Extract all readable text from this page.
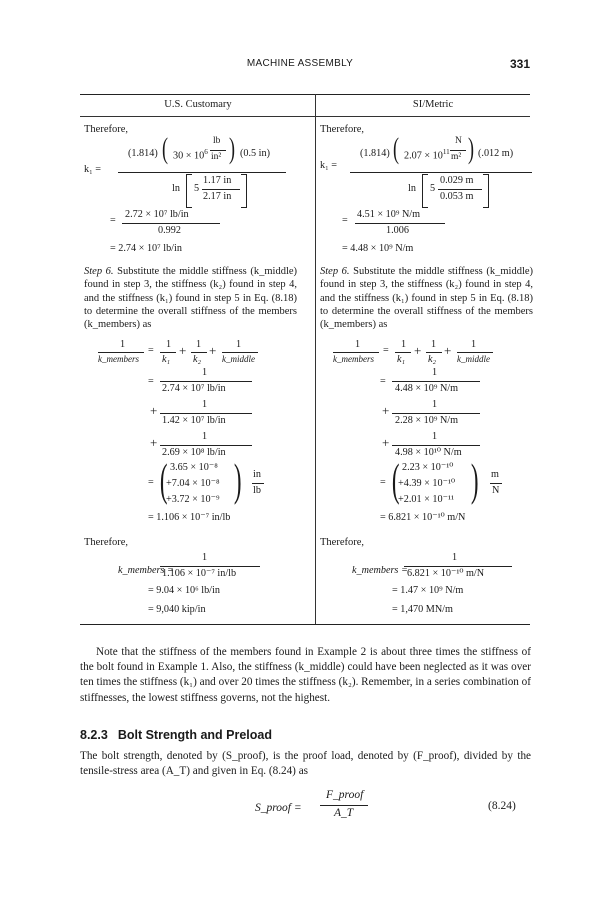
MACHINE ASSEMBLY	331
U.S. Customary	SI/Metric
Therefore,
k₁ =
(1.814) ( $30 \times 10^6$
lb
in² ) (0.5 in)
ln 5
1.17 in
2.17 in
=
2.72 × 10⁷ lb/in
0.992
= 2.74 × 10⁷ lb/in
Step 6. Substitute the middle stiffness (k_middle) found in step 3, the stiffness (k₂) found in step 4, and the stiffness (k₁) found in step 5 in Eq. (8.18) to determine the overall stiffness of the members (k_members) as
1
k_members
=
1
k₁
+ 1
k₂
+ 1
k_middle
1
=
2.74 × 10⁷ lb/in
1
+
1.42 × 10⁷ lb/in
1
+
2.69 × 10⁸ lb/in
= ( 3.65 × 10⁻⁸
+7.04 × 10⁻⁸
+3.72 × 10⁻⁹ ) in
lb
= 1.106 × 10⁻⁷ in/lb
Therefore,
k_members =
1
1.106 × 10⁻⁷ in/lb
= 9.04 × 10⁶ lb/in
= 9,040 kip/in
Therefore,
k₁ =
(1.814) ( $2.07 \times 10^{11}$
N
m² ) (.012 m)
ln 5
0.029 m
0.053 m
=
4.51 × 10⁹ N/m
1.006
= 4.48 × 10⁹ N/m
Step 6. Substitute the middle stiffness (k_middle) found in step 3, the stiffness (k₂) found in step 4, and the stiffness (k₁) found in step 5 in Eq. (8.18) to determine the overall stiffness of the members (k_members) as
1
k_members
=
1
k₁
+ 1
k₂
+ 1
k_middle
1
=
4.48 × 10⁹ N/m
1
+
2.28 × 10⁹ N/m
1
+
4.98 × 10¹⁰ N/m
= ( 2.23 × 10⁻¹⁰
+4.39 × 10⁻¹⁰
+2.01 × 10⁻¹¹ ) m
N
= 6.821 × 10⁻¹⁰ m/N
Therefore,
k_members =
1
6.821 × 10⁻¹⁰ m/N
= 1.47 × 10⁹ N/m
= 1,470 MN/m
Note that the stiffness of the members found in Example 2 is about three times the stiffness of the bolt found in Example 1. Also, the stiffness (k_middle) could have been neglected as it was over ten times the stiffness (k₁) and over 20 times the stiffness (k₂). Remember, in a series combination of stiffnesses, the lowest stiffness governs, not the highest.
8.2.3 Bolt Strength and Preload
The bolt strength, denoted by (S_proof), is the proof load, denoted by (F_proof), divided by the tensile-stress area (A_T) and given in Eq. (8.24) as
S_proof =
F_proof
A_T
(8.24)
